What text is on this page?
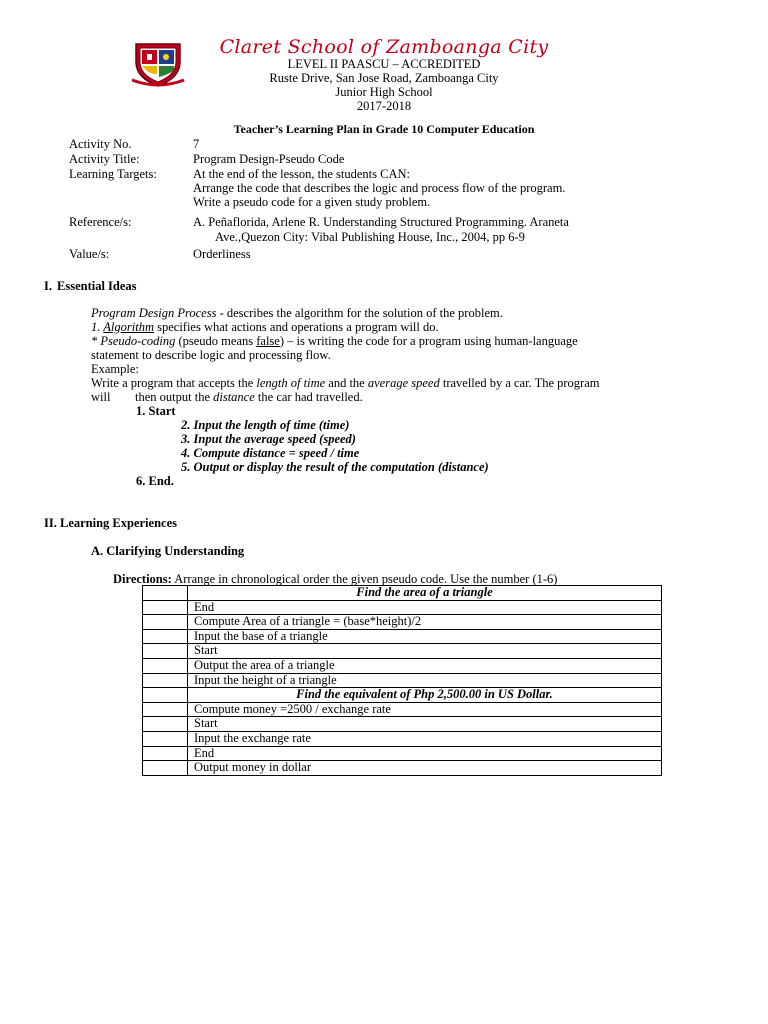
Claret School of Zamboanga City
LEVEL II PAASCU – ACCREDITED
Ruste Drive, San Jose Road, Zamboanga City
Junior High School
2017-2018
Teacher’s Learning Plan in Grade 10 Computer Education
Activity No.	7
Activity Title:	Program Design-Pseudo Code
Learning Targets:	At the end of the lesson, the students CAN:
Arrange the code that describes the logic and process flow of the program.
Write a pseudo code for a given study problem.
Reference/s:	A. Peñaflorida, Arlene R. Understanding Structured Programming. Araneta
Ave.,Quezon City: Vibal Publishing House, Inc., 2004, pp 6-9
Value/s:	Orderliness
I. Essential Ideas
Program Design Process - describes the algorithm for the solution of the problem.
1. Algorithm specifies what actions and operations a program will do.
* Pseudo-coding (pseudo means false) – is writing the code for a program using human-language
statement to describe logic and processing flow.
Example:
Write a program that accepts the length of time and the average speed travelled by a car. The program
will then output the distance the car had travelled.
1. Start
2. Input the length of time (time)
3. Input the average speed (speed)
4. Compute distance = speed / time
5. Output or display the result of the computation (distance)
6. End.
II. Learning Experiences
A. Clarifying Understanding
Directions: Arrange in chronological order the given pseudo code. Use the number (1-6)
	Find the area of a triangle
	End
	Compute Area of a triangle = (base*height)/2
	Input the base of a triangle
	Start
	Output the area of a triangle
	Input the height of a triangle
	Find the equivalent of Php 2,500.00 in US Dollar.
	Compute money =2500 / exchange rate
	Start
	Input the exchange rate
	End
	Output money in dollar
